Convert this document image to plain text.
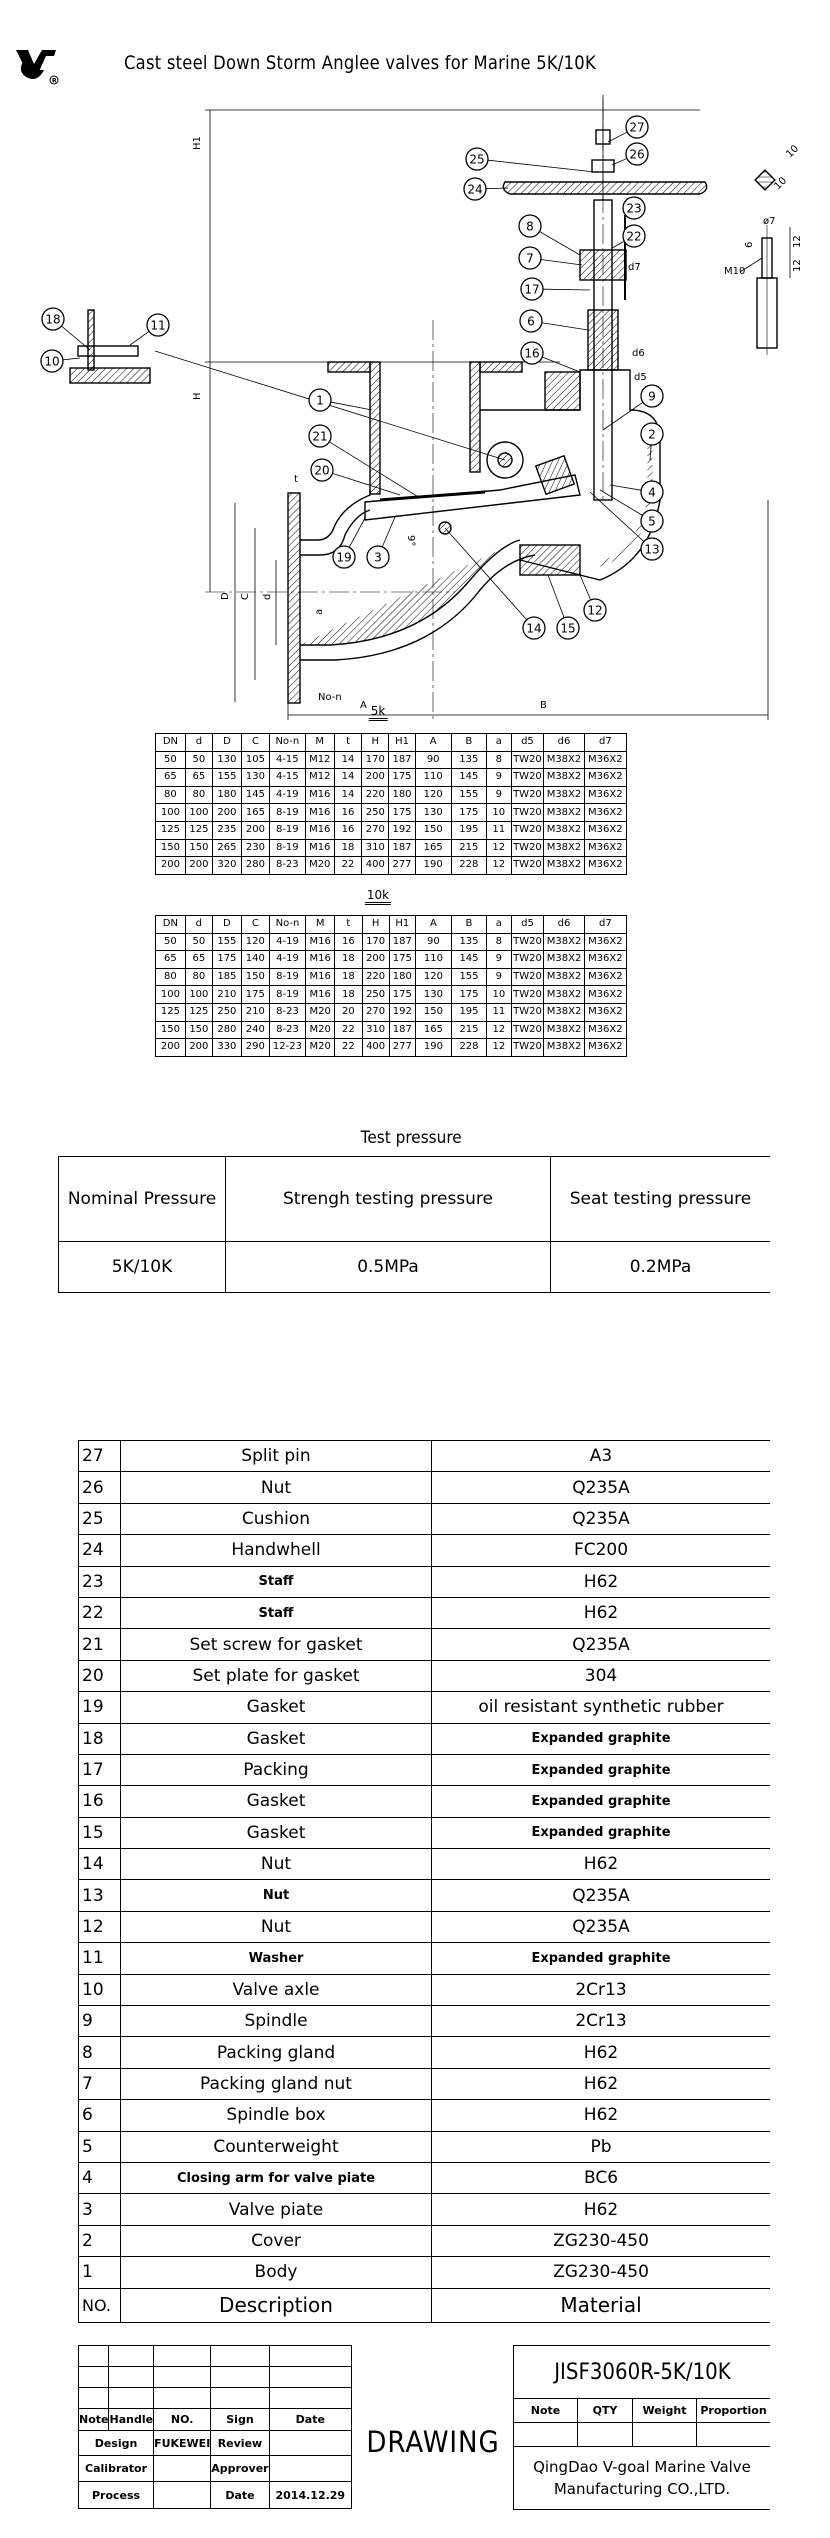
R
Cast steel Down Storm Anglee valves for Marine 5K/10K
27
26
25
24
23
22
8
7
17
6
16
18	11
10
1
21
20
9
2
4
5
13
19 3
14 15
12
H1
H
D C d
a
t
No-n
A	B
d5
d6
d7
9°
M10
ø7
6	12
12
10
10
5k
DN	d	D	C	No-n	M	t	H	H1	A	B	a	d5	d6	d7
50	50	130	105	4-15	M12	14	170	187	90	135	8	TW20	M38X2	M36X2
65	65	155	130	4-15	M12	14	200	175	110	145	9	TW20	M38X2	M36X2
80	80	180	145	4-19	M16	14	220	180	120	155	9	TW20	M38X2	M36X2
100	100	200	165	8-19	M16	16	250	175	130	175	10	TW20	M38X2	M36X2
125	125	235	200	8-19	M16	16	270	192	150	195	11	TW20	M38X2	M36X2
150	150	265	230	8-19	M16	18	310	187	165	215	12	TW20	M38X2	M36X2
200	200	320	280	8-23	M20	22	400	277	190	228	12	TW20	M38X2	M36X2
10k
DN	d	D	C	No-n	M	t	H	H1	A	B	a	d5	d6	d7
50	50	155	120	4-19	M16	16	170	187	90	135	8	TW20	M38X2	M36X2
65	65	175	140	4-19	M16	18	200	175	110	145	9	TW20	M38X2	M36X2
80	80	185	150	8-19	M16	18	220	180	120	155	9	TW20	M38X2	M36X2
100	100	210	175	8-19	M16	18	250	175	130	175	10	TW20	M38X2	M36X2
125	125	250	210	8-23	M20	20	270	192	150	195	11	TW20	M38X2	M36X2
150	150	280	240	8-23	M20	22	310	187	165	215	12	TW20	M38X2	M36X2
200	200	330	290	12-23	M20	22	400	277	190	228	12	TW20	M38X2	M36X2
Test pressure
Nominal Pressure	Strengh testing pressure	Seat testing pressure
5K/10K	0.5MPa	0.2MPa
27	Split pin	A3
26	Nut	Q235A
25	Cushion	Q235A
24	Handwhell	FC200
23	Staff	H62
22	Staff	H62
21	Set screw for gasket	Q235A
20	Set plate for gasket	304
19	Gasket	oil resistant synthetic rubber
18	Gasket	Expanded graphite
17	Packing	Expanded graphite
16	Gasket	Expanded graphite
15	Gasket	Expanded graphite
14	Nut	H62
13	Nut	Q235A
12	Nut	Q235A
11	Washer	Expanded graphite
10	Valve axle	2Cr13
9	Spindle	2Cr13
8	Packing gland	H62
7	Packing gland nut	H62
6	Spindle box	H62
5	Counterweight	Pb
4	Closing arm for valve piate	BC6
3	Valve piate	H62
2	Cover	ZG230-450
1	Body	ZG230-450
NO.	Description	Material

Note	Handle	NO.	Sign	Date
Design		FUKEWEI	Review	
Calibrator			Approver	
Process			Date	2014.12.29
DRAWING
JISF3060R-5K/10K			
Note	QTY	Weight	Proportion

QingDao V-goal Marine Valve
Manufacturing CO.,LTD.			
